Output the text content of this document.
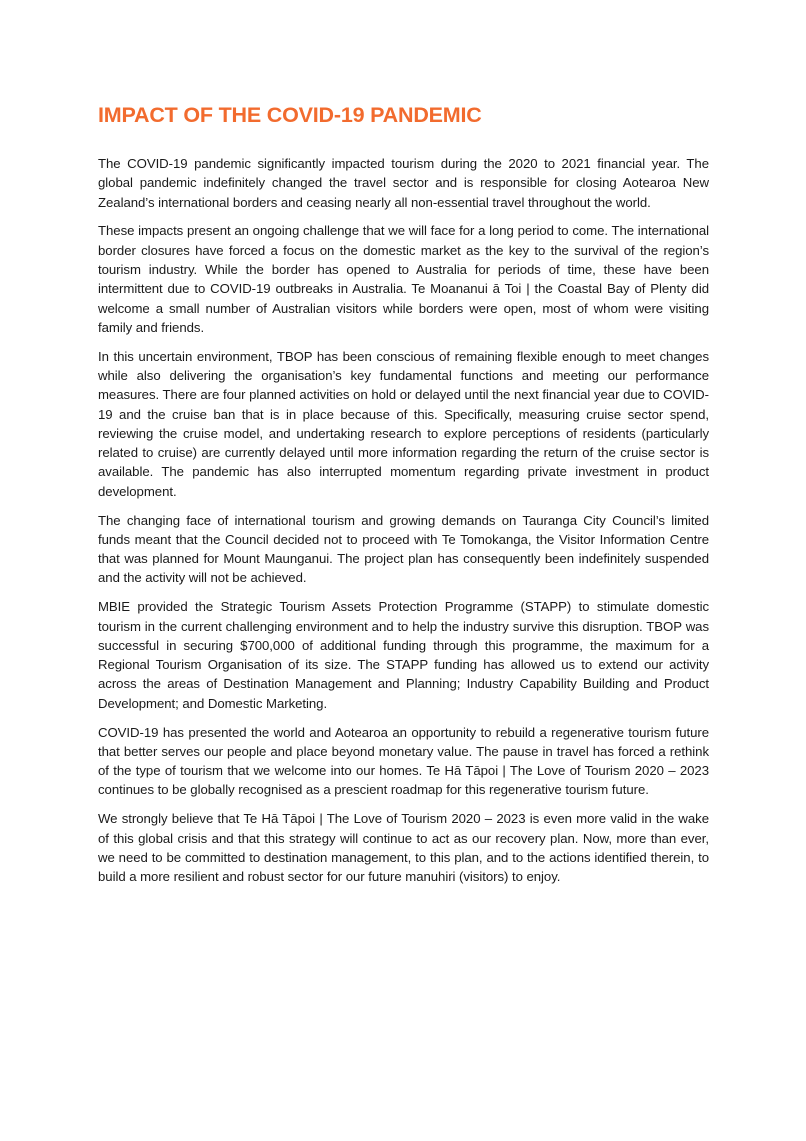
IMPACT OF THE COVID-19 PANDEMIC

The COVID-19 pandemic significantly impacted tourism during the 2020 to 2021 financial year. The global pandemic indefinitely changed the travel sector and is responsible for closing Aotearoa New Zealand’s international borders and ceasing nearly all non-essential travel throughout the world.

These impacts present an ongoing challenge that we will face for a long period to come. The international border closures have forced a focus on the domestic market as the key to the survival of the region’s tourism industry. While the border has opened to Australia for periods of time, these have been intermittent due to COVID-19 outbreaks in Australia. Te Moananui ā Toi | the Coastal Bay of Plenty did welcome a small number of Australian visitors while borders were open, most of whom were visiting family and friends.

In this uncertain environment, TBOP has been conscious of remaining flexible enough to meet changes while also delivering the organisation’s key fundamental functions and meeting our performance measures. There are four planned activities on hold or delayed until the next financial year due to COVID-19 and the cruise ban that is in place because of this. Specifically, measuring cruise sector spend, reviewing the cruise model, and undertaking research to explore perceptions of residents (particularly related to cruise) are currently delayed until more information regarding the return of the cruise sector is available. The pandemic has also interrupted momentum regarding private investment in product development.

The changing face of international tourism and growing demands on Tauranga City Council’s limited funds meant that the Council decided not to proceed with Te Tomokanga, the Visitor Information Centre that was planned for Mount Maunganui. The project plan has consequently been indefinitely suspended and the activity will not be achieved.

MBIE provided the Strategic Tourism Assets Protection Programme (STAPP) to stimulate domestic tourism in the current challenging environment and to help the industry survive this disruption. TBOP was successful in securing $700,000 of additional funding through this programme, the maximum for a Regional Tourism Organisation of its size. The STAPP funding has allowed us to extend our activity across the areas of Destination Management and Planning; Industry Capability Building and Product Development; and Domestic Marketing.

COVID-19 has presented the world and Aotearoa an opportunity to rebuild a regenerative tourism future that better serves our people and place beyond monetary value. The pause in travel has forced a rethink of the type of tourism that we welcome into our homes. Te Hā Tāpoi | The Love of Tourism 2020 – 2023 continues to be globally recognised as a prescient roadmap for this regenerative tourism future.

We strongly believe that Te Hā Tāpoi | The Love of Tourism 2020 – 2023 is even more valid in the wake of this global crisis and that this strategy will continue to act as our recovery plan. Now, more than ever, we need to be committed to destination management, to this plan, and to the actions identified therein, to build a more resilient and robust sector for our future manuhiri (visitors) to enjoy.
